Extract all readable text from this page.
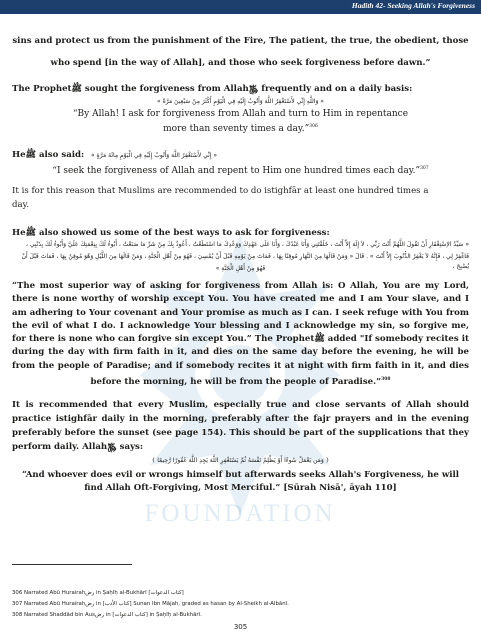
Hadith 42- Seeking Allah's Forgiveness
FOUNDATION
sins and protect us from the punishment of the Fire, The patient, the true, the obedient, those
who spend [in the way of Allah], and those who seek forgiveness before dawn.”
The Prophetﷺ sought the forgiveness from Allah﷿ frequently and on a daily basis:
« وَاللَّهِ إِنِّي لأَسْتَغْفِرُ اللَّهَ وَأَتُوبُ إِلَيْهِ فِي الْيَوْمِ أَكْثَرَ مِنْ سَبْعِينَ مَرَّةً »
“By Allah! I ask for forgiveness from Allah and turn to Him in repentance
more than seventy times a day.”$^{306}$
Heﷺ also said: « إِنِّي لأَسْتَغْفِرُ اللَّهَ وَأَتُوبُ إِلَيْهِ فِي الْيَوْمِ مِائَةَ مَرَّةٍ »
“I seek the forgiveness of Allah and repent to Him one hundred times each day.”$^{307}$
It is for this reason that Muslims are recommended to do istighfār at least one hundred times a
day.
Heﷺ also showed us some of the best ways to ask for forgiveness:
« سَيِّدُ الاِسْتِغْفَارِ أَنْ تَقُولَ اللَّهُمَّ أَنْتَ رَبِّي ، لاَ إِلَهَ إِلاَّ أَنْتَ ، خَلَقْتَنِي وَأَنَا عَبْدُكَ ، وَأَنَا عَلَى عَهْدِكَ وَوَعْدِكَ مَا اسْتَطَعْتُ ، أَعُوذُ بِكَ مِنْ شَرِّ مَا صَنَعْتُ ، أَبُوءُ لَكَ بِنِعْمَتِكَ عَلَيَّ وَأَبُوءُ لَكَ بِذَنْبِي ،
فَاغْفِرْ لِي ، فَإِنَّهُ لاَ يَغْفِرُ الذُّنُوبَ إِلاَّ أَنْتَ » . قَالَ « وَمَنْ قَالَهَا مِنَ النَّهَارِ مُوقِنًا بِهَا ، فَمَاتَ مِنْ يَوْمِهِ قَبْلَ أَنْ يُمْسِيَ ، فَهُوَ مِنْ أَهْلِ الْجَنَّةِ ، وَمَنْ قَالَهَا مِنَ اللَّيْلِ وَهْوَ مُوقِنٌ بِهَا ، فَمَاتَ قَبْلَ أَنْ يُصْبِحَ ،
فَهُوَ مِنْ أَهْلِ الْجَنَّةِ »
“The most superior way of asking for forgiveness from Allah is: O Allah, You are my Lord, there is none worthy of worship except You. You have created me and I am Your slave, and I am adhering to Your covenant and Your promise as much as I can. I seek refuge with You from the evil of what I do. I acknowledge Your blessing and I acknowledge my sin, so forgive me, for there is none who can forgive sin except You.” The Prophetﷺ added "If somebody recites it during the day with firm faith in it, and dies on the same day before the evening, he will be from the people of Paradise; and if somebody recites it at night with firm faith in it, and dies before the morning, he will be from the people of Paradise.”$^{308}$
It is recommended that every Muslim, especially true and close servants of Allah should practice istighfār daily in the morning, preferably after the fajr prayers and in the evening preferably before the sunset (see page 154). This should be part of the supplications that they perform daily. Allah﷿ says:
﴿ وَمَن يَعْمَلْ سُوءًا أَوْ يَظْلِمْ نَفْسَهُ ثُمَّ يَسْتَغْفِرِ اللَّهَ يَجِدِ اللَّهَ غَفُورًا رَّحِيمًا ﴾
“And whoever does evil or wrongs himself but afterwards seeks Allah's Forgiveness, he will
find Allah Oft-Forgiving, Most Merciful.” [Sūrah Nisā', āyah 110]
306 Narrated Abū Hurairahرض in Ṣaḥīḥ al-Bukhārī [كتاب الدعوات]
307 Narrated Abū Hurairahرض in [كتاب الأدب] Sunan Ibn Mājah, graded as hasan by Al-Sheikh al-Albānī.
308 Narrated Shaddād bin Ausرض in [كتاب الدعوات] in Ṣaḥīḥ al-Bukhārī.
305
